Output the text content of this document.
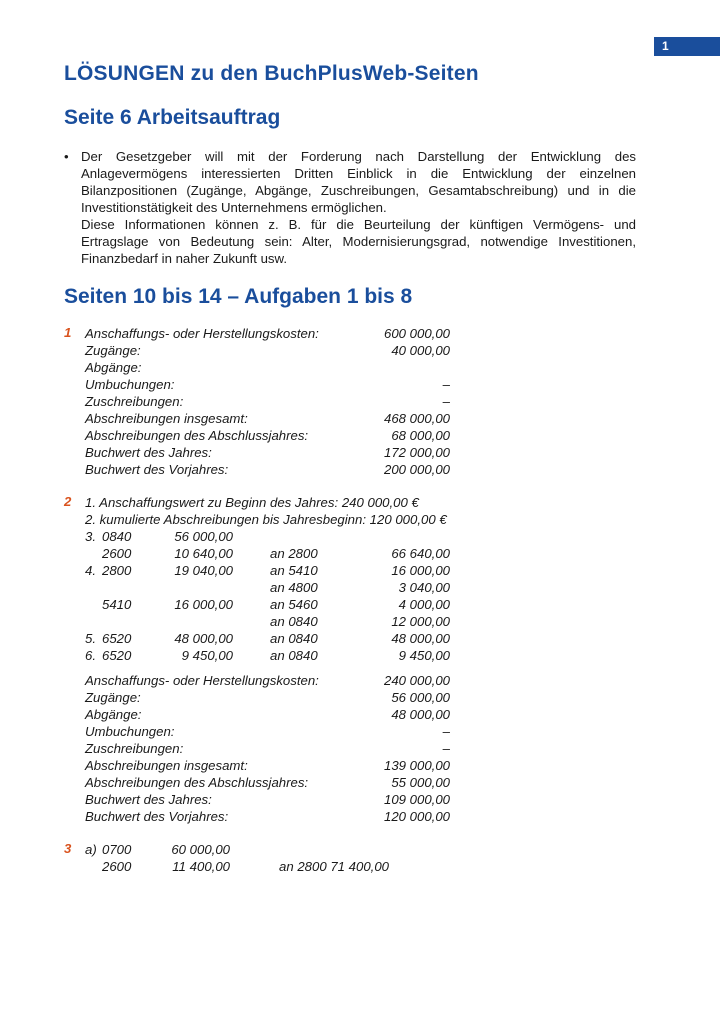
1
LÖSUNGEN zu den BuchPlusWeb-Seiten
Seite 6 Arbeitsauftrag
• Der Gesetzgeber will mit der Forderung nach Darstellung der Entwicklung des Anlagevermögens interessierten Dritten Einblick in die Entwicklung der einzelnen Bilanzpositionen (Zugänge, Abgänge, Zuschreibungen, Gesamtabschreibung) und in die Investitionstätigkeit des Unternehmens ermöglichen.

Diese Informationen können z. B. für die Beurteilung der künftigen Vermögens- und Ertragslage von Bedeutung sein: Alter, Modernisierungsgrad, notwendige Investitionen, Finanzbedarf in naher Zukunft usw.

Seiten 10 bis 14 – Aufgaben 1 bis 8
1 Anschaffungs- oder Herstellungskosten:	600 000,00
Zugänge:	40 000,00
Abgänge:
Umbuchungen:	–
Zuschreibungen:	–
Abschreibungen insgesamt:	468 000,00
Abschreibungen des Abschlussjahres:	68 000,00
Buchwert des Jahres:	172 000,00
Buchwert des Vorjahres:	200 000,00
2 1. Anschaffungswert zu Beginn des Jahres: 240 000,00 €
2. kumulierte Abschreibungen bis Jahresbeginn: 120 000,00 €
3. 0840	56 000,00
2600	10 640,00	an 2800	66 640,00
4. 2800	19 040,00	an 5410	16 000,00
an 4800	3 040,00
5410	16 000,00	an 5460	4 000,00
an 0840	12 000,00
5. 6520	48 000,00	an 0840	48 000,00
6. 6520	9 450,00	an 0840	9 450,00
Anschaffungs- oder Herstellungskosten:	240 000,00
Zugänge:	56 000,00
Abgänge:	48 000,00
Umbuchungen:	–
Zuschreibungen:	–
Abschreibungen insgesamt:	139 000,00
Abschreibungen des Abschlussjahres:	55 000,00
Buchwert des Jahres:	109 000,00
Buchwert des Vorjahres:	120 000,00
3 a) 0700	60 000,00
2600	11 400,00	an 2800 71 400,00
